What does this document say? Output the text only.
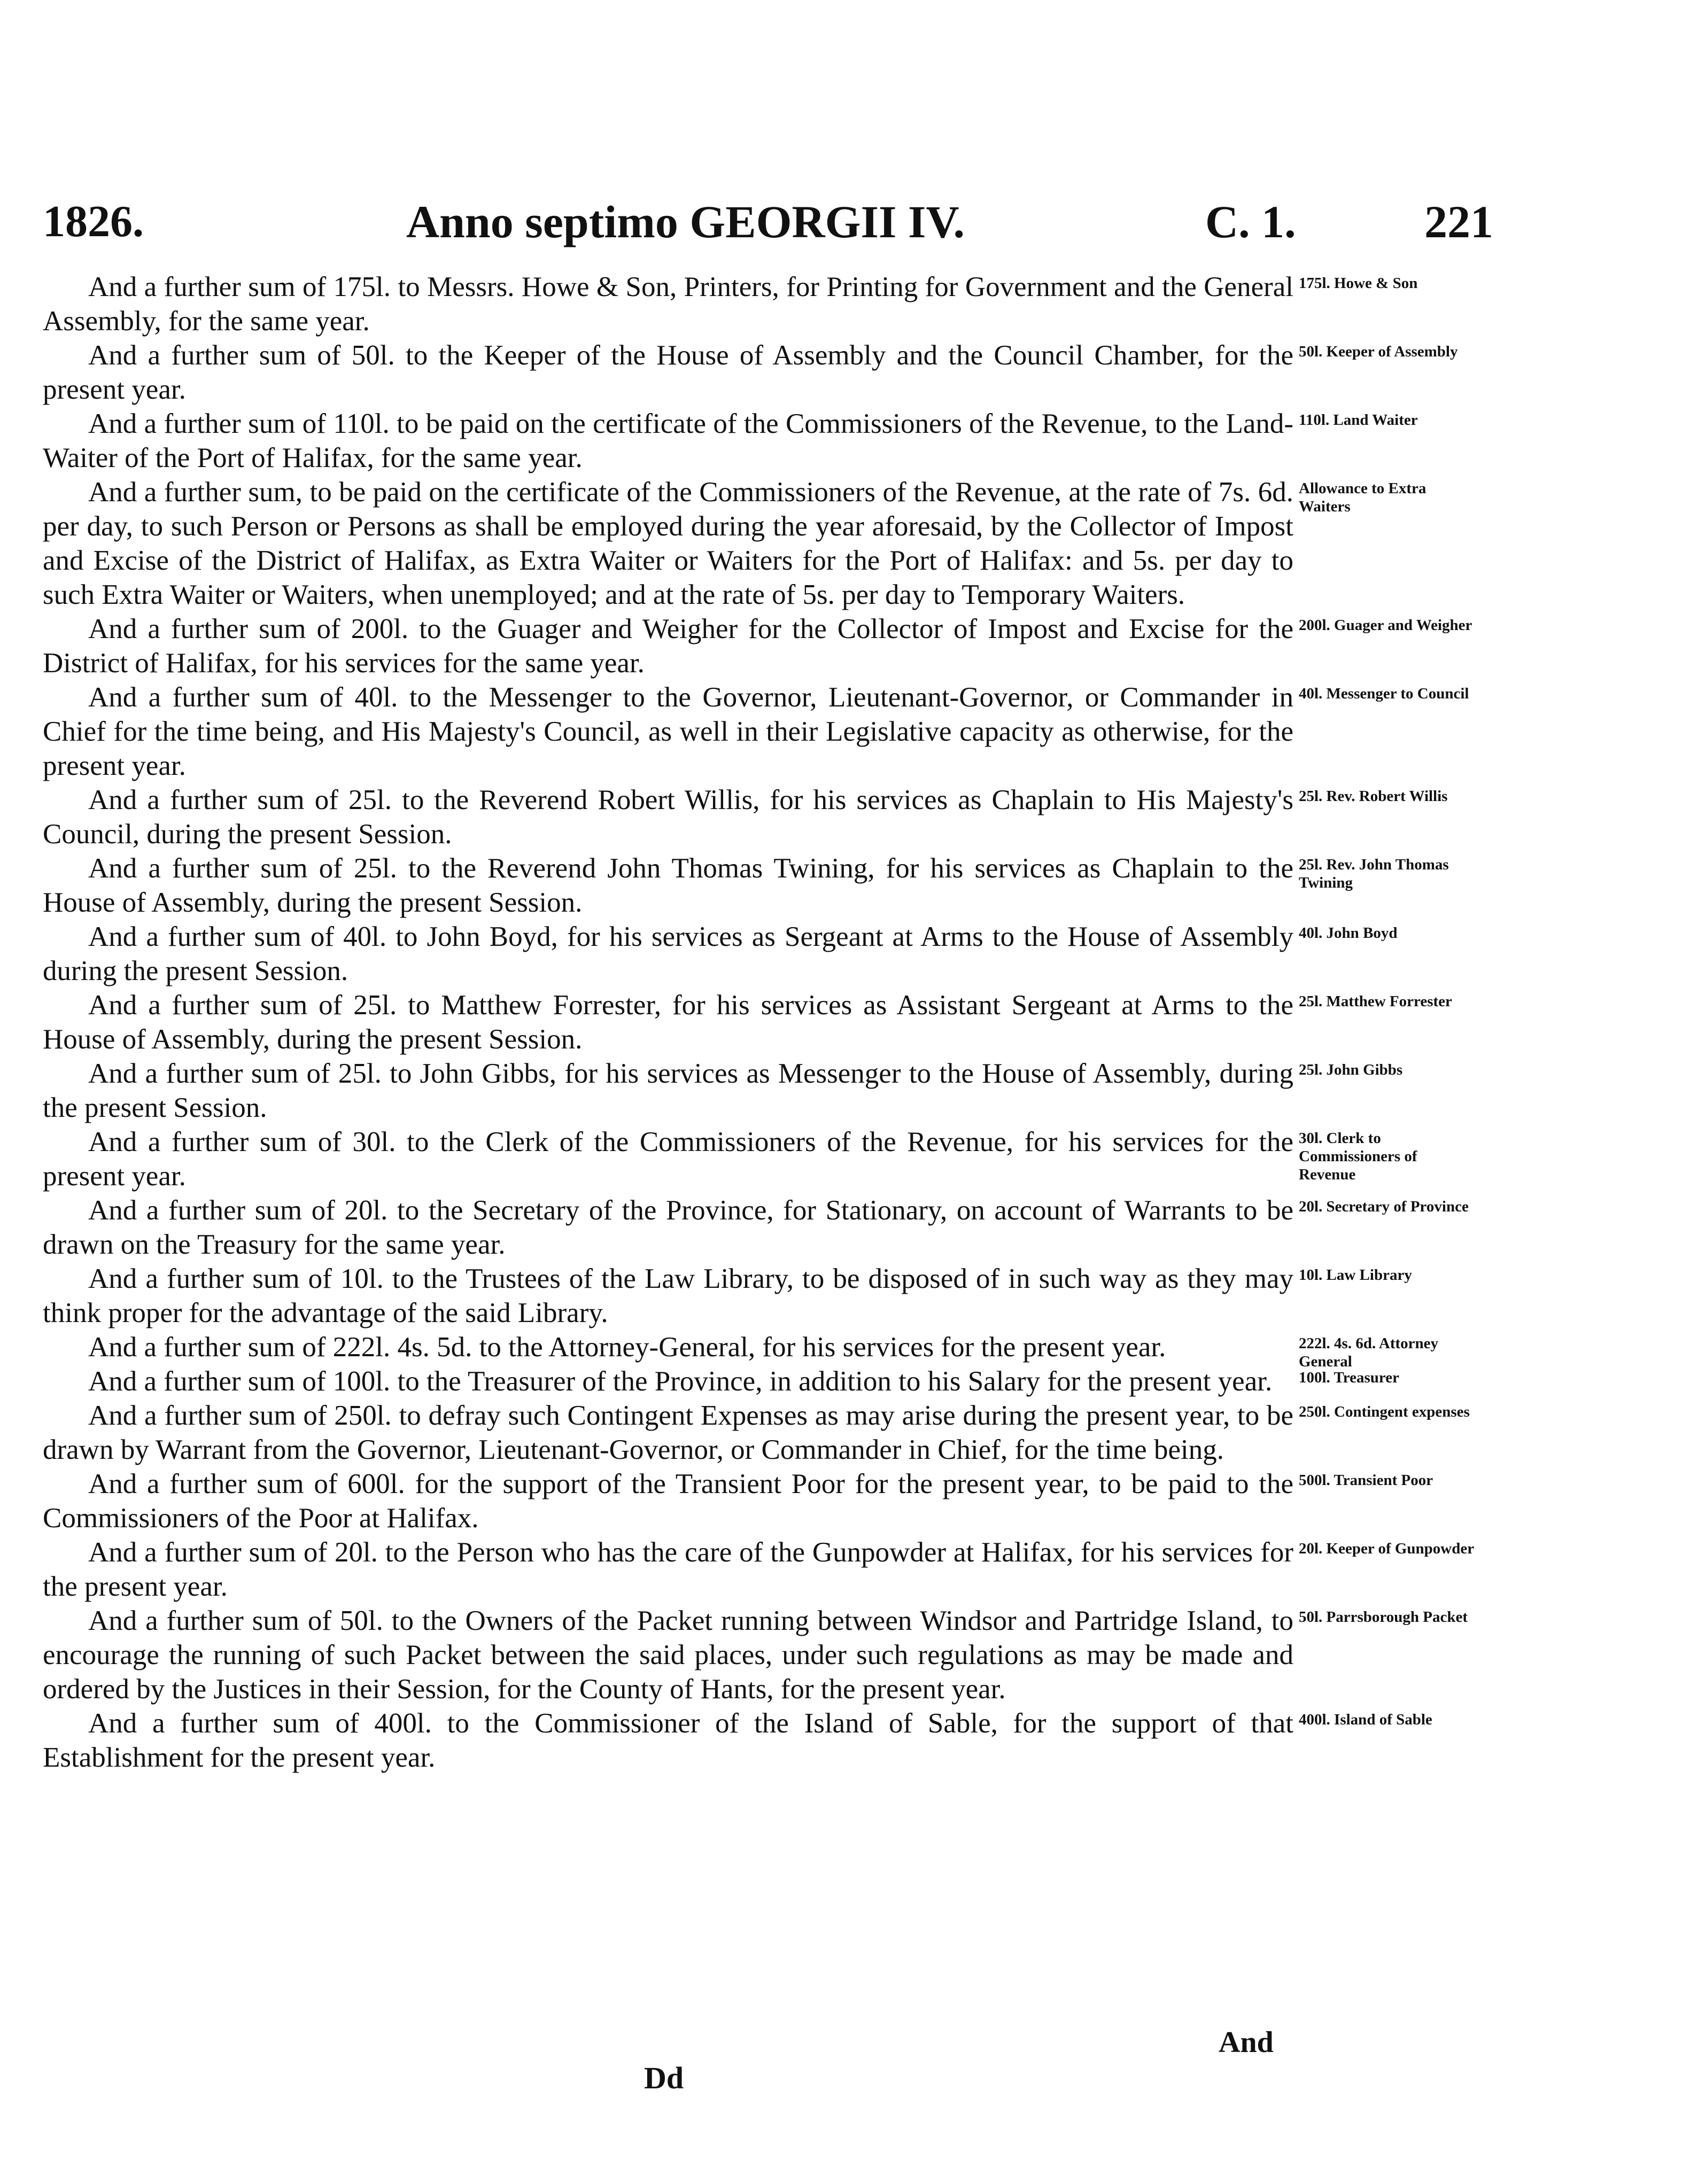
1826.	Anno septimo GEORGII IV.	C. 1.	221

And a further sum of 175l. to Messrs. Howe & Son, Printers, for Printing for Government and the General Assembly, for the same year.

And a further sum of 50l. to the Keeper of the House of Assembly and the Council Chamber, for the present year.

And a further sum of 110l. to be paid on the certificate of the Commissioners of the Revenue, to the Land-Waiter of the Port of Halifax, for the same year.

And a further sum, to be paid on the certificate of the Commissioners of the Revenue, at the rate of 7s. 6d. per day, to such Person or Persons as shall be employed during the year aforesaid, by the Collector of Impost and Excise of the District of Halifax, as Extra Waiter or Waiters for the Port of Halifax: and 5s. per day to such Extra Waiter or Waiters, when unemployed; and at the rate of 5s. per day to Temporary Waiters.

And a further sum of 200l. to the Guager and Weigher for the Collector of Impost and Excise for the District of Halifax, for his services for the same year.

And a further sum of 40l. to the Messenger to the Governor, Lieutenant-Governor, or Commander in Chief for the time being, and His Majesty's Council, as well in their Legislative capacity as otherwise, for the present year.

And a further sum of 25l. to the Reverend Robert Willis, for his services as Chaplain to His Majesty's Council, during the present Session.

And a further sum of 25l. to the Reverend John Thomas Twining, for his services as Chaplain to the House of Assembly, during the present Session.

And a further sum of 40l. to John Boyd, for his services as Sergeant at Arms to the House of Assembly during the present Session.

And a further sum of 25l. to Matthew Forrester, for his services as Assistant Sergeant at Arms to the House of Assembly, during the present Session.

And a further sum of 25l. to John Gibbs, for his services as Messenger to the House of Assembly, during the present Session.

And a further sum of 30l. to the Clerk of the Commissioners of the Revenue, for his services for the present year.

And a further sum of 20l. to the Secretary of the Province, for Stationary, on account of Warrants to be drawn on the Treasury for the same year.

And a further sum of 10l. to the Trustees of the Law Library, to be disposed of in such way as they may think proper for the advantage of the said Library.

And a further sum of 222l. 4s. 5d. to the Attorney-General, for his services for the present year.

And a further sum of 100l. to the Treasurer of the Province, in addition to his Salary for the present year.

And a further sum of 250l. to defray such Contingent Expenses as may arise during the present year, to be drawn by Warrant from the Governor, Lieutenant-Governor, or Commander in Chief, for the time being.

And a further sum of 600l. for the support of the Transient Poor for the present year, to be paid to the Commissioners of the Poor at Halifax.

And a further sum of 20l. to the Person who has the care of the Gunpowder at Halifax, for his services for the present year.

And a further sum of 50l. to the Owners of the Packet running between Windsor and Partridge Island, to encourage the running of such Packet between the said places, under such regulations as may be made and ordered by the Justices in their Session, for the County of Hants, for the present year.

And a further sum of 400l. to the Commissioner of the Island of Sable, for the support of that Establishment for the present year.

175l. Howe & Son
50l. Keeper of Assembly
110l. Land Waiter
Allowance to Extra Waiters
200l. Guager and Weigher
40l. Messenger to Council
25l. Rev. Robert Willis
25l. Rev. John Thomas Twining
40l. John Boyd
25l. Matthew Forrester
25l. John Gibbs
30l. Clerk to Commissioners of Revenue
20l. Secretary of Province
10l. Law Library
222l. 4s. 6d. Attorney General
100l. Treasurer
250l. Contingent expenses
500l. Transient Poor
20l. Keeper of Gunpowder
50l. Parrsborough Packet
400l. Island of Sable
And
Dd
